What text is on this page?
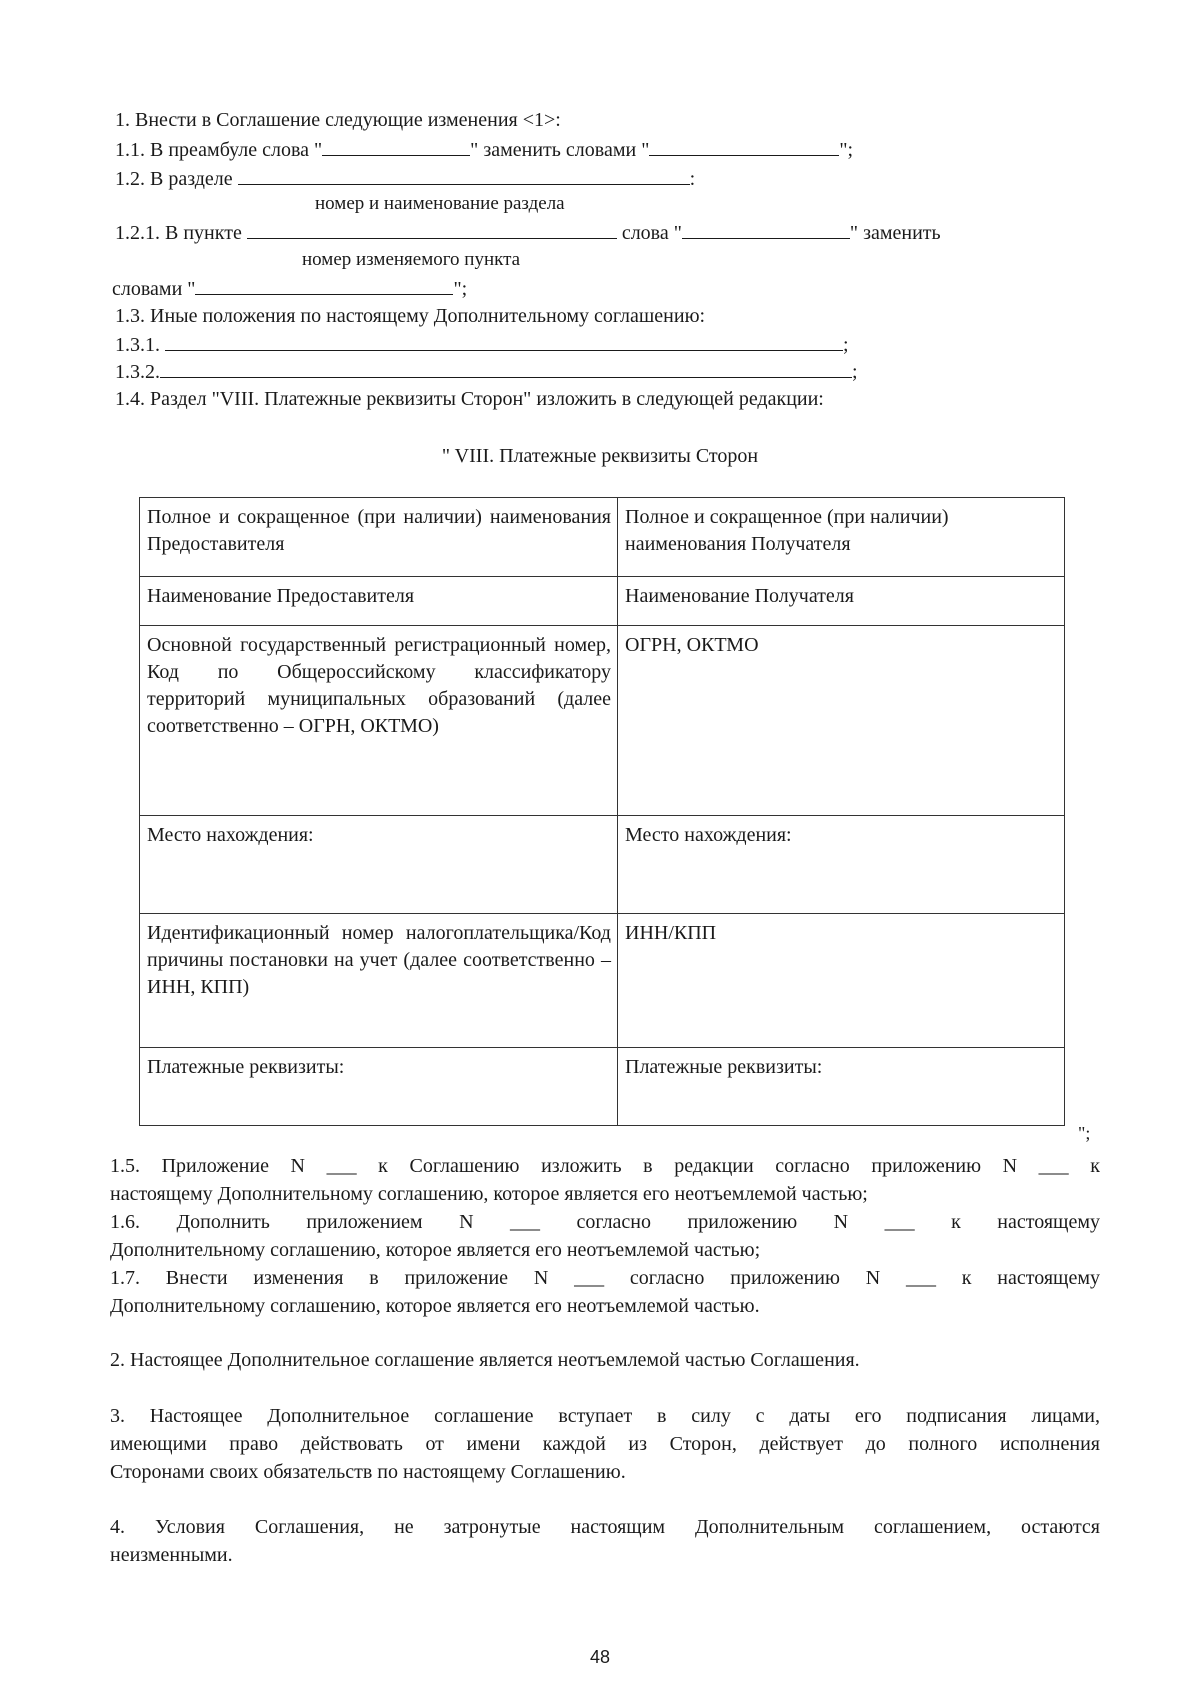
1. Внести в Соглашение следующие изменения <1>:
1.1. В преамбуле слова "	" заменить словами "	";
1.2. В разделе	:
номер и наименование раздела
1.2.1. В пункте	слова "	" заменить
номер изменяемого пункта
словами "	";
1.3. Иные положения по настоящему Дополнительному соглашению:
1.3.1.	;
1.3.2.	;
1.4. Раздел "VIII. Платежные реквизиты Сторон" изложить в следующей редакции:
" VIII. Платежные реквизиты Сторон
Полное и сокращенное (при наличии) наименования Предоставителя	Полное и сокращенное (при наличии) наименования Получателя
Наименование Предоставителя	Наименование Получателя
Основной государственный регистрационный номер, Код по Общероссийскому классификатору территорий муниципальных образований (далее соответственно – ОГРН, ОКТМО)	ОГРН, ОКТМО
Место нахождения:	Место нахождения:
Идентификационный номер налогоплательщика/Код причины постановки на учет (далее соответственно – ИНН, КПП)	ИНН/КПП
Платежные реквизиты:	Платежные реквизиты:
";
1.5. Приложение N ___ к Соглашению изложить в редакции согласно приложению N ___ к
настоящему Дополнительному соглашению, которое является его неотъемлемой частью;
1.6. Дополнить приложением N ___ согласно приложению N ___ к настоящему
Дополнительному соглашению, которое является его неотъемлемой частью;
1.7. Внести изменения в приложение N ___ согласно приложению N ___ к настоящему
Дополнительному соглашению, которое является его неотъемлемой частью.
2. Настоящее Дополнительное соглашение является неотъемлемой частью Соглашения.
3. Настоящее Дополнительное соглашение вступает в силу с даты его подписания лицами,
имеющими право действовать от имени каждой из Сторон, действует до полного исполнения
Сторонами своих обязательств по настоящему Соглашению.
4. Условия Соглашения, не затронутые настоящим Дополнительным соглашением, остаются
неизменными.
48
